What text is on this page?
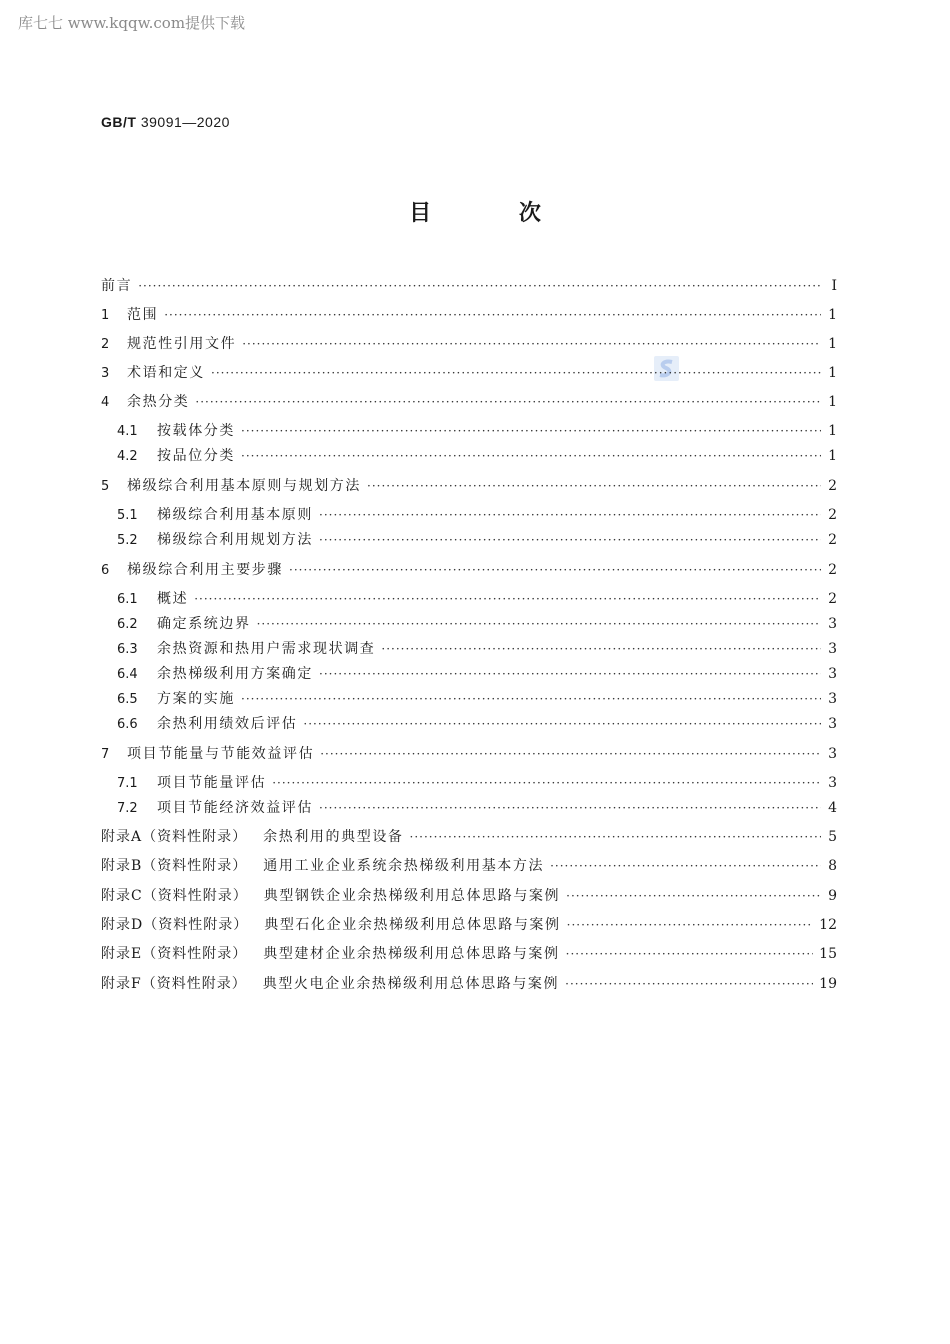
库七七 www.kqqw.com提供下载
GB/T 39091—2020
目 次
前言 ·····	Ⅰ
1	范围 ·····	1
2	规范性引用文件 ·····	1
3	术语和定义 ·····	1
4	余热分类 ·····	1
4.1	按载体分类 ·····	1
4.2	按品位分类 ·····	1
5	梯级综合利用基本原则与规划方法 ·····	2
5.1	梯级综合利用基本原则 ·····	2
5.2	梯级综合利用规划方法 ·····	2
6	梯级综合利用主要步骤 ·····	2
6.1	概述 ·····	2
6.2	确定系统边界 ·····	3
6.3	余热资源和热用户需求现状调查 ·····	3
6.4	余热梯级利用方案确定 ·····	3
6.5	方案的实施 ·····	3
6.6	余热利用绩效后评估 ·····	3
7	项目节能量与节能效益评估 ·····	3
7.1	项目节能量评估 ·····	3
7.2	项目节能经济效益评估 ·····	4
附录A（资料性附录） 余热利用的典型设备 ·····	5
附录B（资料性附录） 通用工业企业系统余热梯级利用基本方法 ·····	8
附录C（资料性附录） 典型钢铁企业余热梯级利用总体思路与案例 ·····	9
附录D（资料性附录） 典型石化企业余热梯级利用总体思路与案例 ·····	12
附录E（资料性附录） 典型建材企业余热梯级利用总体思路与案例 ·····	15
附录F（资料性附录） 典型火电企业余热梯级利用总体思路与案例 ·····	19
